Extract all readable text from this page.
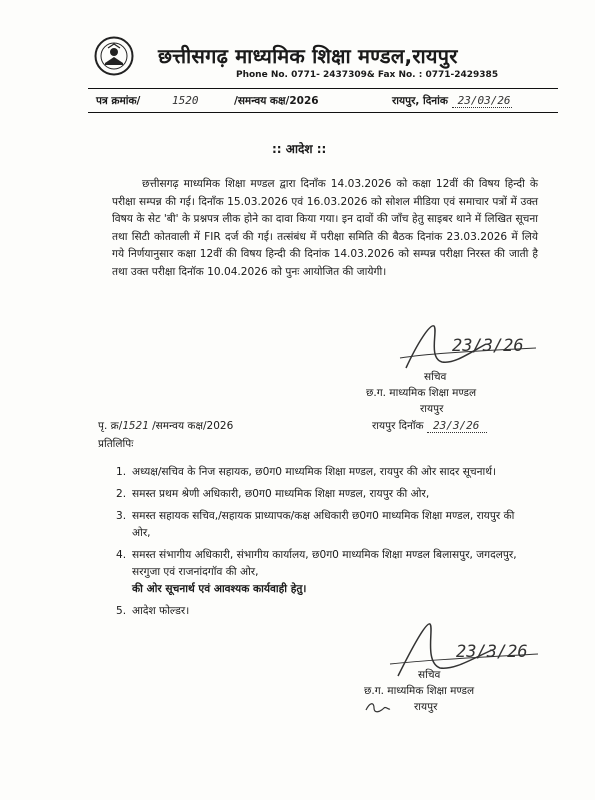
छत्तीसगढ़ माध्यमिक शिक्षा मण्डल,रायपुर
Phone No. 0771- 2437309& Fax No. : 0771-2429385
पत्र क्रमांक/	1520	/समन्वय कक्ष/2026	रायपुर, दिनांक 23/03/26
:: आदेश ::

छत्तीसगढ़ माध्यमिक शिक्षा मण्डल द्वारा दिनाँक 14.03.2026 को कक्षा 12वीं की विषय हिन्दी के परीक्षा सम्पन्न की गई। दिनाँक 15.03.2026 एवं 16.03.2026 को सोशल मीडिया एवं समाचार पत्रों में उक्त विषय के सेट 'बी' के प्रश्नपत्र लीक होने का दावा किया गया। इन दावों की जाँच हेतु साइबर थाने में लिखित सूचना तथा सिटी कोतवाली में FIR दर्ज की गई। तत्संबंध में परीक्षा समिति की बैठक दिनांक 23.03.2026 में लिये गये निर्णयानुसार कक्षा 12वीं की विषय हिन्दी की दिनांक 14.03.2026 को सम्पन्न परीक्षा निरस्त की जाती है तथा उक्त परीक्षा दिनॉक 10.04.2026 को पुनः आयोजित की जायेगी।

23/3/26
सचिव
छ.ग. माध्यमिक शिक्षा मण्डल
रायपुर
पृ. क्र/1521 /समन्वय कक्ष/2026	रायपुर दिनॉक 23/3/26
प्रतिलिपिः
1. अध्यक्ष/सचिव के निज सहायक, छ0ग0 माध्यमिक शिक्षा मण्डल, रायपुर की ओर सादर सूचनार्थ।
2. समस्त प्रथम श्रेणी अधिकारी, छ0ग0 माध्यमिक शिक्षा मण्डल, रायपुर की ओर,
3. समस्त सहायक सचिव,/सहायक प्राध्यापक/कक्ष अधिकारी छ0ग0 माध्यमिक शिक्षा मण्डल, रायपुर की ओर,
4. समस्त संभागीय अधिकारी, संभागीय कार्यालय, छ0ग0 माध्यमिक शिक्षा मण्डल बिलासपुर, जगदलपुर, सरगुजा एवं राजनांदगॉव की ओर,
की ओर सूचनार्थ एवं आवश्यक कार्यवाही हेतु।
5. आदेश फोल्डर।
23/3/26
सचिव
छ.ग. माध्यमिक शिक्षा मण्डल
रायपुर
